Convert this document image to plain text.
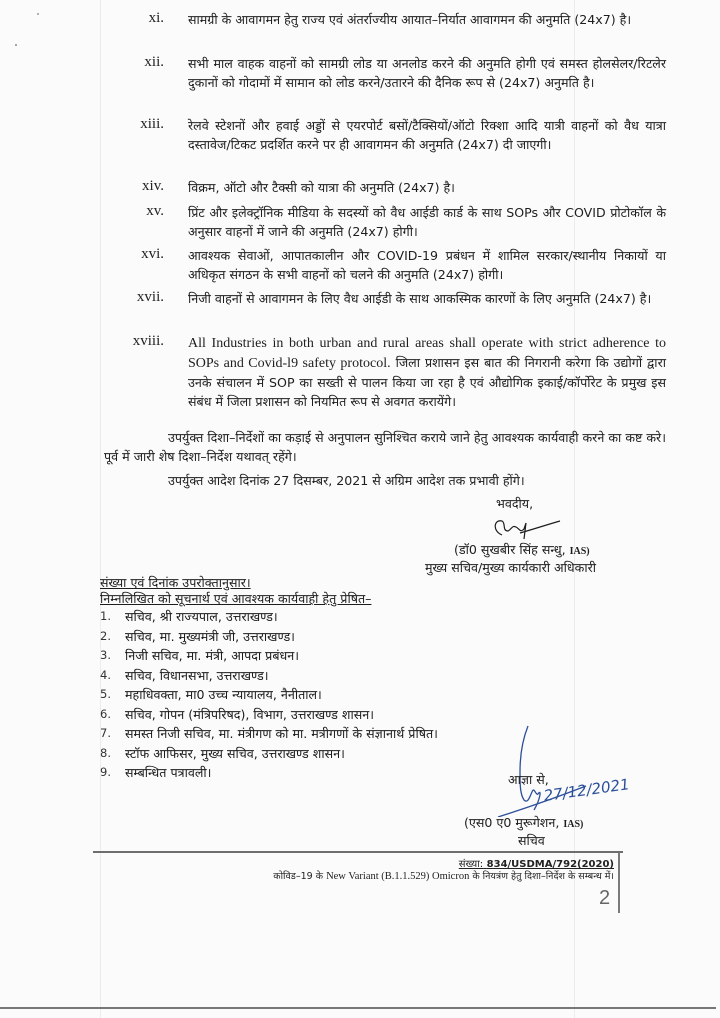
xi. सामग्री के आवागमन हेतु राज्य एवं अंतर्राज्यीय आयात–निर्यात आवागमन की अनुमति (24x7) है।
xii. सभी माल वाहक वाहनों को सामग्री लोड या अनलोड करने की अनुमति होगी एवं समस्त होलसेलर/रिटलेर दुकानों को गोदामों में सामान को लोड करने/उतारने की दैनिक रूप से (24x7) अनुमति है।
xiii. रेलवे स्टेशनों और हवाई अड्डों से एयरपोर्ट बसों/टैक्सियों/ऑटो रिक्शा आदि यात्री वाहनों को वैध यात्रा दस्तावेज/टिकट प्रदर्शित करने पर ही आवागमन की अनुमति (24x7) दी जाएगी।
xiv. विक्रम, ऑटो और टैक्सी को यात्रा की अनुमति (24x7) है।
xv. प्रिंट और इलेक्ट्रॉनिक मीडिया के सदस्यों को वैध आईडी कार्ड के साथ SOPs और COVID प्रोटोकॉल के अनुसार वाहनों में जाने की अनुमति (24x7) होगी।
xvi. आवश्यक सेवाओं, आपातकालीन और COVID-19 प्रबंधन में शामिल सरकार/स्थानीय निकायों या अधिकृत संगठन के सभी वाहनों को चलने की अनुमति (24x7) होगी।
xvii. निजी वाहनों से आवागमन के लिए वैध आईडी के साथ आकस्मिक कारणों के लिए अनुमति (24x7) है।
xviii. All Industries in both urban and rural areas shall operate with strict adherence to SOPs and Covid-l9 safety protocol. जिला प्रशासन इस बात की निगरानी करेगा कि उद्योगों द्वारा उनके संचालन में SOP का सख्ती से पालन किया जा रहा है एवं औद्योगिक इकाई/कॉर्पोरेट के प्रमुख इस संबंध में जिला प्रशासन को नियमित रूप से अवगत करायेंगे।
उपर्युक्त दिशा–निर्देशों का कड़ाई से अनुपालन सुनिश्चित कराये जाने हेतु आवश्यक कार्यवाही करने का कष्ट करे। पूर्व में जारी शेष दिशा–निर्देश यथावत् रहेंगे।
उपर्युक्त आदेश दिनांक 27 दिसम्बर, 2021 से अग्रिम आदेश तक प्रभावी होंगे।
भवदीय,
(डॉ0 सुखबीर सिंह सन्धु, IAS)
मुख्य सचिव/मुख्य कार्यकारी अधिकारी
संख्या एवं दिनांक उपरोक्तानुसार।
निम्नलिखित को सूचनार्थ एवं आवश्यक कार्यवाही हेतु प्रेषित–
1.	सचिव, श्री राज्यपाल, उत्तराखण्ड।
2.	सचिव, मा. मुख्यमंत्री जी, उत्तराखण्ड।
3.	निजी सचिव, मा. मंत्री, आपदा प्रबंधन।
4.	सचिव, विधानसभा, उत्तराखण्ड।
5.	महाधिवक्ता, मा0 उच्च न्यायालय, नैनीताल।
6.	सचिव, गोपन (मंत्रिपरिषद), विभाग, उत्तराखण्ड शासन।
7.	समस्त निजी सचिव, मा. मंत्रीगण को मा. मत्रीगणों के संज्ञानार्थ प्रेषित।
8.	स्टॉफ आफिसर, मुख्य सचिव, उत्तराखण्ड शासन।
9.	सम्बन्धित पत्रावली।	आज्ञा से,
27/12/2021
(एस0 ए0 मुरूगेशन, IAS)
सचिव
संख्या: 834/USDMA/792(2020)
कोविड–19 के New Variant (B.1.1.529) Omicron के नियत्रंण हेतु दिशा–निर्देश के सम्बन्ध में।
2
